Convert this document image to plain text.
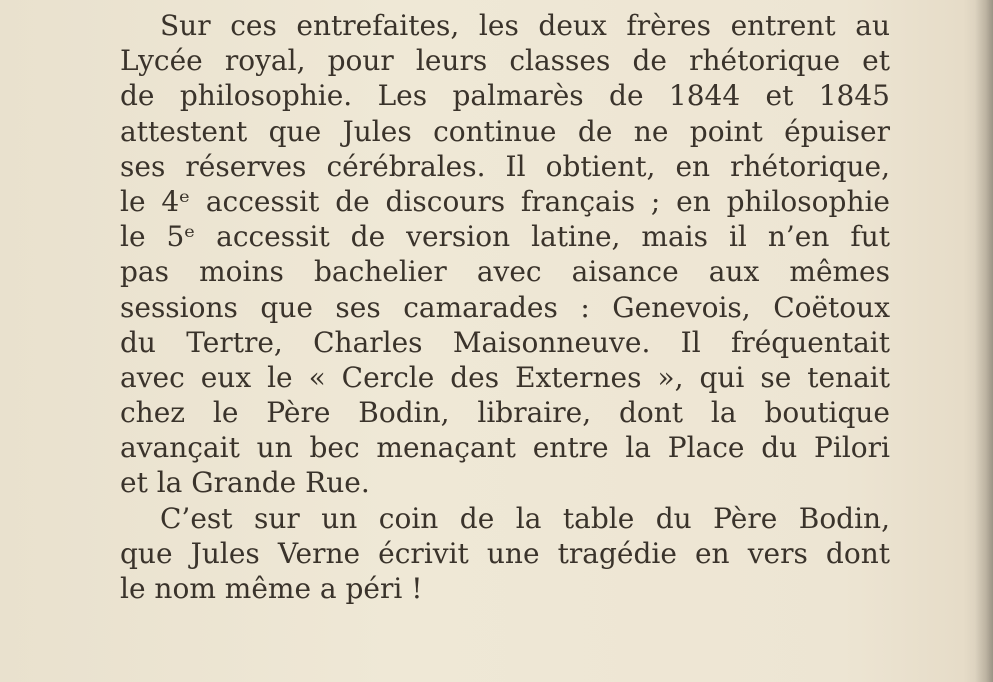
Sur ces entrefaites, les deux frères entrent au
Lycée royal, pour leurs classes de rhétorique et
de philosophie. Les palmarès de 1844 et 1845
attestent que Jules continue de ne point épuiser
ses réserves cérébrales. Il obtient, en rhétorique,
le 4ᵉ accessit de discours français ; en philosophie
le 5ᵉ accessit de version latine, mais il n’en fut
pas moins bachelier avec aisance aux mêmes
sessions que ses camarades : Genevois, Coëtoux
du Tertre, Charles Maisonneuve. Il fréquentait
avec eux le « Cercle des Externes », qui se tenait
chez le Père Bodin, libraire, dont la boutique
avançait un bec menaçant entre la Place du Pilori
et la Grande Rue.

C’est sur un coin de la table du Père Bodin,
que Jules Verne écrivit une tragédie en vers dont
le nom même a péri !
